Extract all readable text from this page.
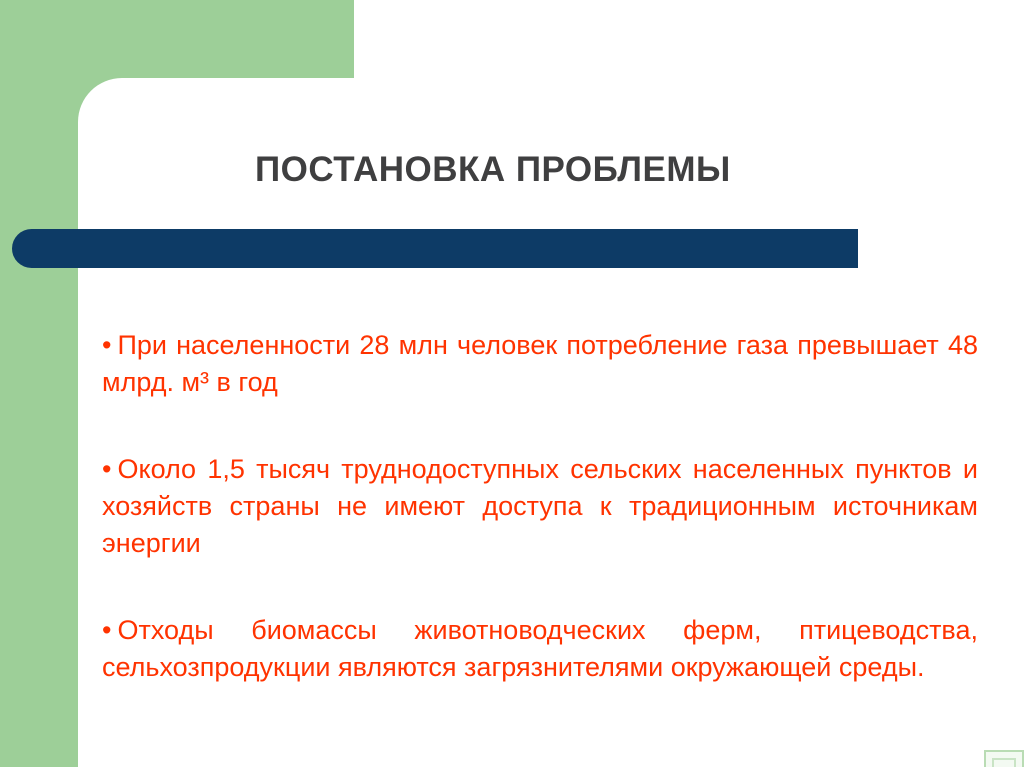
ПОСТАНОВКА ПРОБЛЕМЫ

• При населенности 28 млн человек потребление газа превышает 48 млрд. м³ в год

• Около 1,5 тысяч труднодоступных сельских населенных пунктов и хозяйств страны не имеют доступа к традиционным источникам энергии

• Отходы биомассы животноводческих ферм, птицеводства, сельхозпродукции являются загрязнителями окружающей среды.
